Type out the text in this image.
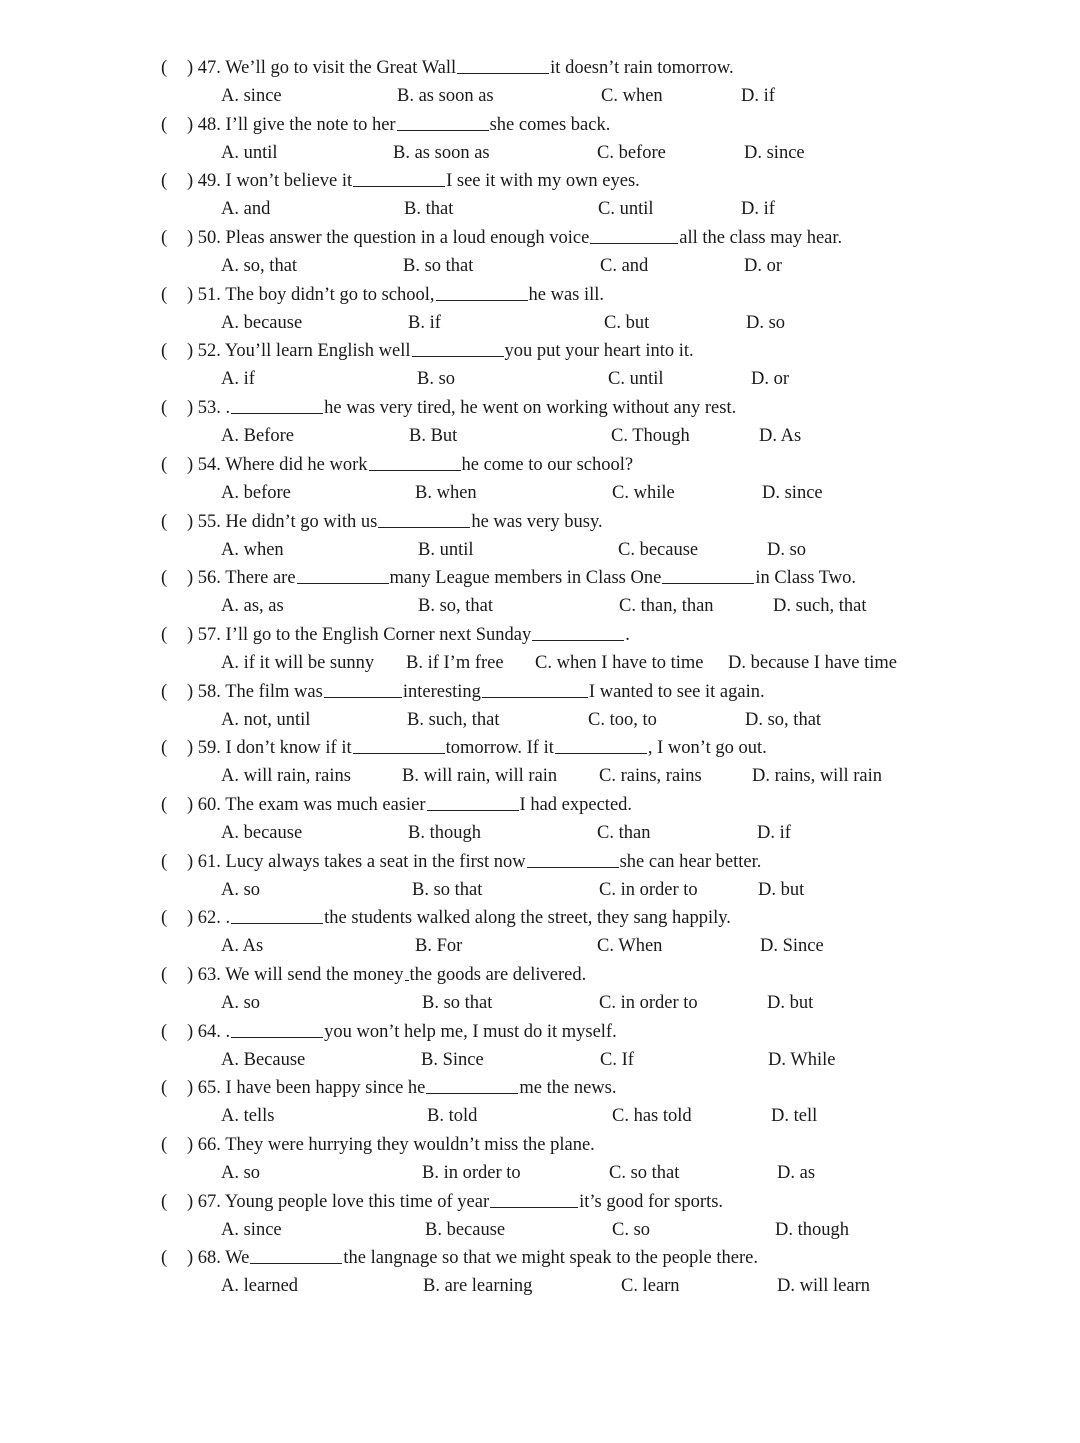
( ) 47. We’ll go to visit the Great Wall	it doesn’t rain tomorrow.
A. since	B. as soon as	C. when	D. if
( ) 48. I’ll give the note to her	she comes back.
A. until	B. as soon as	C. before	D. since
( ) 49. I won’t believe it	I see it with my own eyes.
A. and	B. that	C. until	D. if
( ) 50. Pleas answer the question in a loud enough voice	all the class may hear.
A. so, that	B. so that	C. and	D. or
( ) 51. The boy didn’t go to school,	he was ill.
A. because	B. if	C. but	D. so
( ) 52. You’ll learn English well	you put your heart into it.
A. if	B. so	C. until	D. or
( ) 53. .	he was very tired, he went on working without any rest.
A. Before	B. But	C. Though	D. As
( ) 54. Where did he work	he come to our school?
A. before	B. when	C. while	D. since
( ) 55. He didn’t go with us	he was very busy.
A. when	B. until	C. because	D. so
( ) 56. There are	many League members in Class One	in Class Two.
A. as, as	B. so, that	C. than, than	D. such, that
( ) 57. I’ll go to the English Corner next Sunday	.
A. if it will be sunny B. if I’m free C. when I have to time D. because I have time
( ) 58. The film was	interesting	I wanted to see it again.
A. not, until	B. such, that	C. too, to	D. so, that
( ) 59. I don’t know if it	tomorrow. If it	, I won’t go out.
A. will rain, rains	B. will rain, will rain C. rains, rains	D. rains, will rain
( ) 60. The exam was much easier	I had expected.
A. because	B. though	C. than	D. if
( ) 61. Lucy always takes a seat in the first now	she can hear better.
A. so	B. so that	C. in order to	D. but
( ) 62. .	the students walked along the street, they sang happily.
A. As	B. For	C. When	D. Since
( ) 63. We will send the money the goods are delivered.
A. so	B. so that	C. in order to	D. but
( ) 64. .	you won’t help me, I must do it myself.
A. Because	B. Since	C. If	D. While
( ) 65. I have been happy since he	me the news.
A. tells	B. told	C. has told	D. tell
( ) 66. They were hurrying they wouldn’t miss the plane.
A. so	B. in order to	C. so that	D. as
( ) 67. Young people love this time of year	it’s good for sports.
A. since	B. because	C. so	D. though
( ) 68. We	the langnage so that we might speak to the people there.
A. learned	B. are learning	C. learn	D. will learn
